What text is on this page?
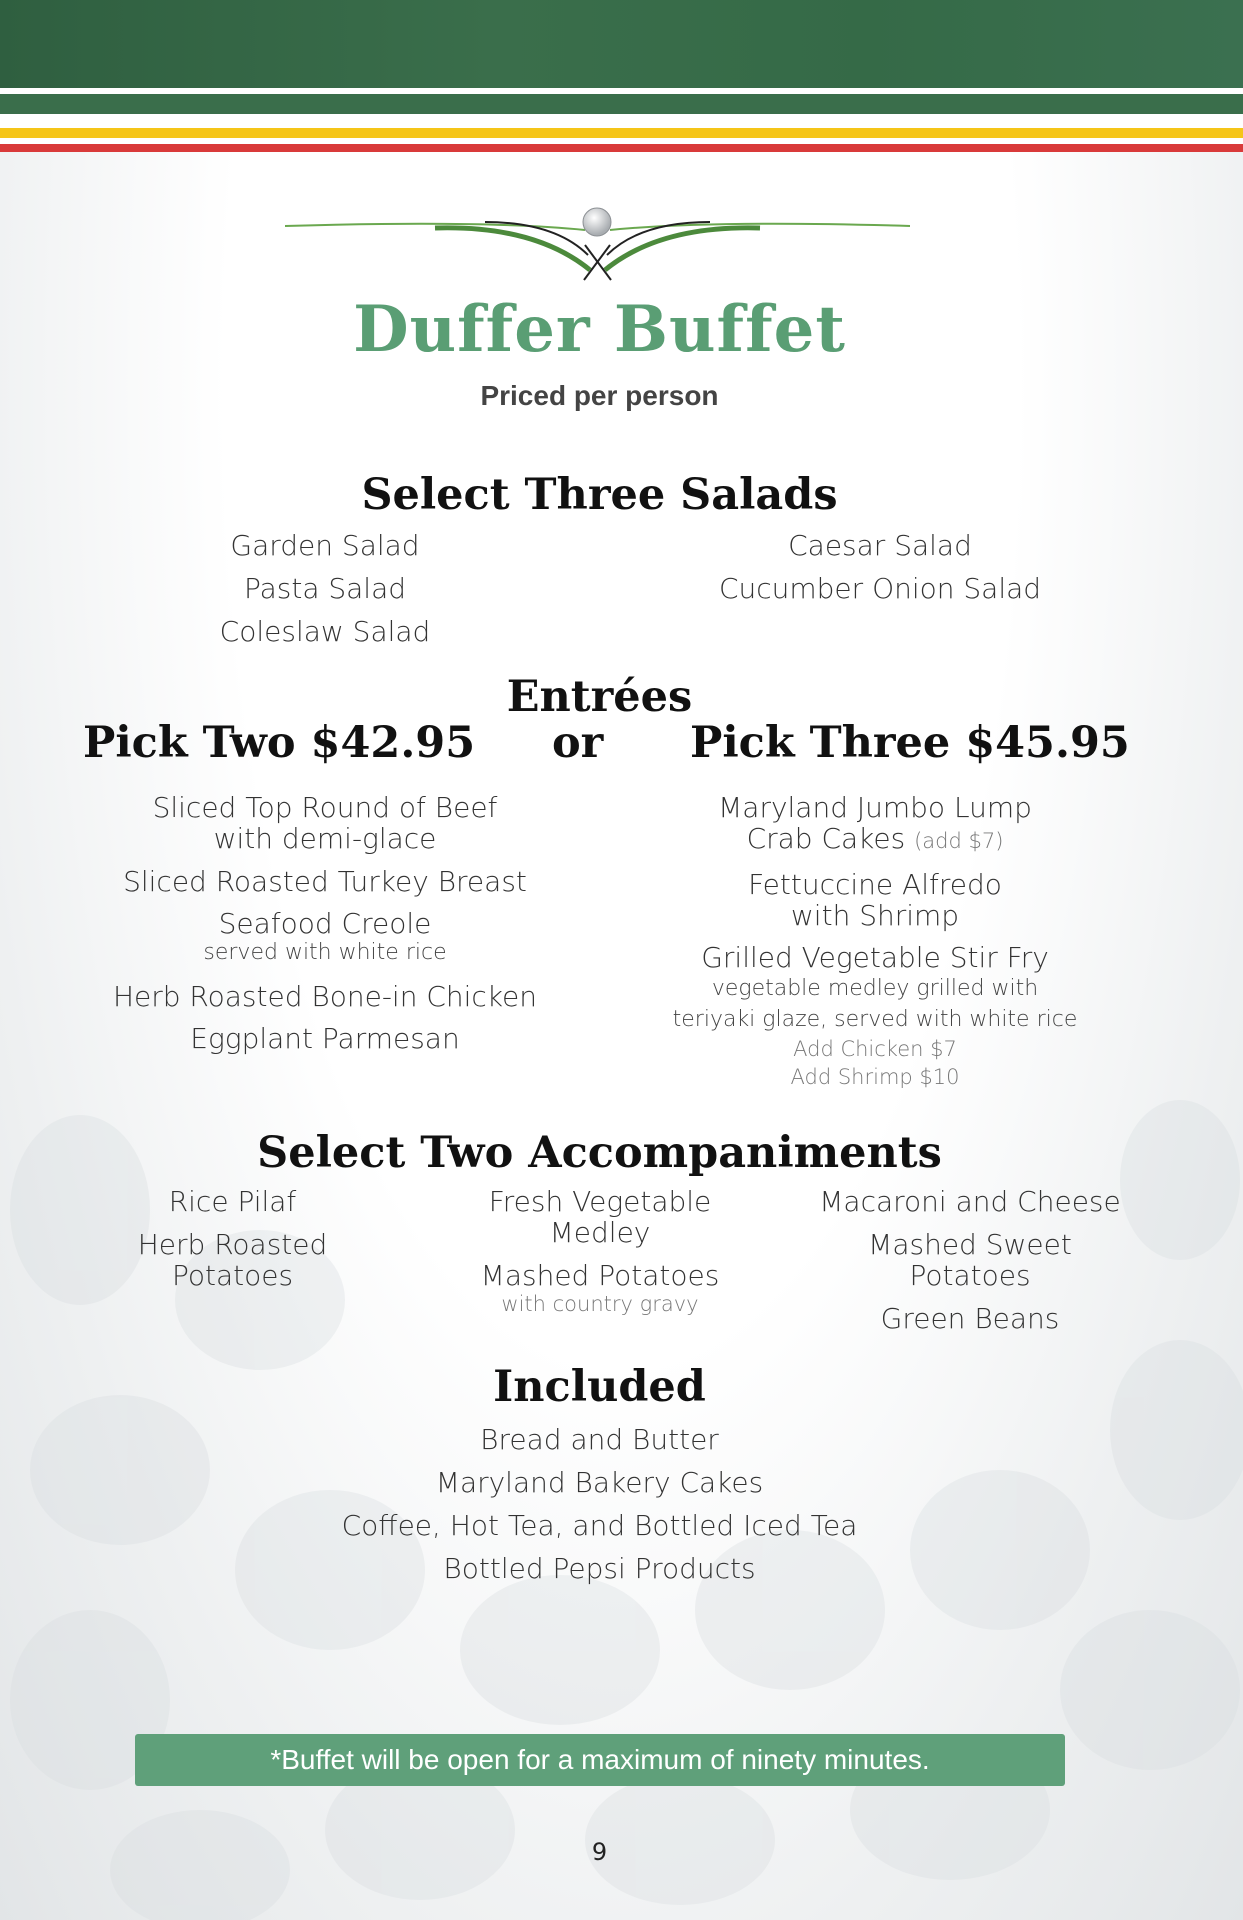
Duffer Buffet
Priced per person
Select Three Salads
Garden Salad
Pasta Salad
Coleslaw Salad
Caesar Salad
Cucumber Onion Salad
Entrées
Pick Two $42.95 or Pick Three $45.95
Sliced Top Round of Beef
with demi-glace
Sliced Roasted Turkey Breast
Seafood Creole
served with white rice
Herb Roasted Bone-in Chicken
Eggplant Parmesan
Maryland Jumbo Lump
Crab Cakes (add $7)
Fettuccine Alfredo
with Shrimp
Grilled Vegetable Stir Fry
vegetable medley grilled with
teriyaki glaze, served with white rice
Add Chicken $7
Add Shrimp $10
Select Two Accompaniments
Rice Pilaf
Herb Roasted
Potatoes
Fresh Vegetable
Medley
Mashed Potatoes
with country gravy
Macaroni and Cheese
Mashed Sweet
Potatoes
Green Beans
Included
Bread and Butter
Maryland Bakery Cakes
Coffee, Hot Tea, and Bottled Iced Tea
Bottled Pepsi Products
*Buffet will be open for a maximum of ninety minutes.
9
